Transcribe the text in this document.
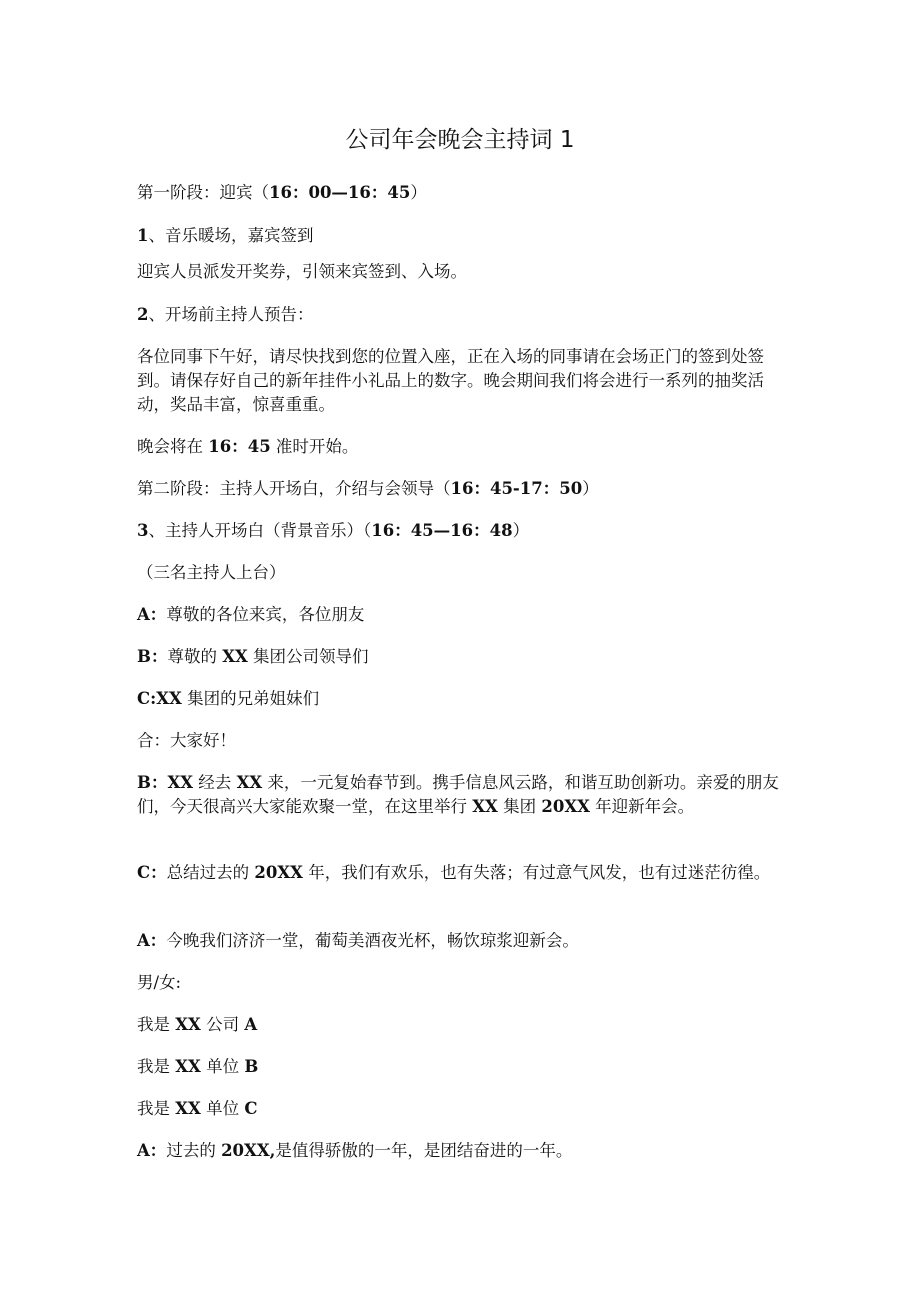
公司年会晚会主持词 1

第一阶段：迎宾（16：00—16：45）

1、音乐暖场，嘉宾签到

迎宾人员派发开奖券，引领来宾签到、入场。

2、开场前主持人预告：

各位同事下午好，请尽快找到您的位置入座，正在入场的同事请在会场正门的签到处签到。请保存好自己的新年挂件小礼品上的数字。晚会期间我们将会进行一系列的抽奖活动，奖品丰富，惊喜重重。

晚会将在 16：45 准时开始。

第二阶段：主持人开场白，介绍与会领导（16：45-17：50）

3、主持人开场白（背景音乐）（16：45—16：48）

（三名主持人上台）

A：尊敬的各位来宾，各位朋友

B：尊敬的 XX 集团公司领导们

C:XX 集团的兄弟姐妹们

合：大家好！

B：XX 经去 XX 来，一元复始春节到。携手信息风云路，和谐互助创新功。亲爱的朋友们，今天很高兴大家能欢聚一堂，在这里举行 XX 集团 20XX 年迎新年会。

C：总结过去的 20XX 年，我们有欢乐，也有失落；有过意气风发，也有过迷茫彷徨。

A：今晚我们济济一堂，葡萄美酒夜光杯，畅饮琼浆迎新会。

男/女:

我是 XX 公司 A

我是 XX 单位 B

我是 XX 单位 C

A：过去的 20XX,是值得骄傲的一年，是团结奋进的一年。
